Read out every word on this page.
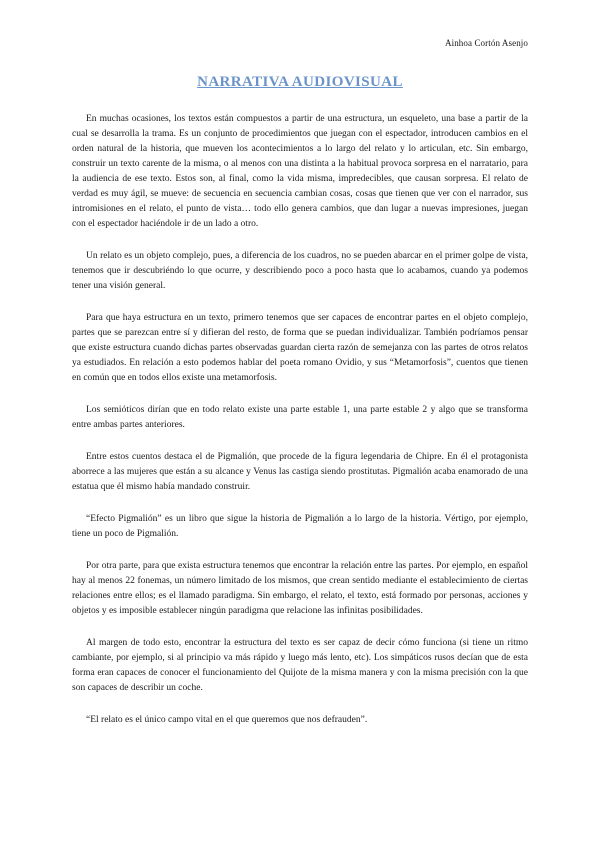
Ainhoa Cortón Asenjo
NARRATIVA AUDIOVISUAL

En muchas ocasiones, los textos están compuestos a partir de una estructura, un esqueleto, una base a partir de la cual se desarrolla la trama. Es un conjunto de procedimientos que juegan con el espectador, introducen cambios en el orden natural de la historia, que mueven los acontecimientos a lo largo del relato y lo articulan, etc. Sin embargo, construir un texto carente de la misma, o al menos con una distinta a la habitual provoca sorpresa en el narratario, para la audiencia de ese texto. Estos son, al final, como la vida misma, impredecibles, que causan sorpresa. El relato de verdad es muy ágil, se mueve: de secuencia en secuencia cambian cosas, cosas que tienen que ver con el narrador, sus intromisiones en el relato, el punto de vista… todo ello genera cambios, que dan lugar a nuevas impresiones, juegan con el espectador haciéndole ir de un lado a otro.

Un relato es un objeto complejo, pues, a diferencia de los cuadros, no se pueden abarcar en el primer golpe de vista, tenemos que ir descubriéndo lo que ocurre, y describiendo poco a poco hasta que lo acabamos, cuando ya podemos tener una visión general.

Para que haya estructura en un texto, primero tenemos que ser capaces de encontrar partes en el objeto complejo, partes que se parezcan entre sí y difieran del resto, de forma que se puedan individualizar. También podríamos pensar que existe estructura cuando dichas partes observadas guardan cierta razón de semejanza con las partes de otros relatos ya estudiados. En relación a esto podemos hablar del poeta romano Ovidio, y sus “Metamorfosis”, cuentos que tienen en común que en todos ellos existe una metamorfosis.

Los semióticos dirían que en todo relato existe una parte estable 1, una parte estable 2 y algo que se transforma entre ambas partes anteriores.

Entre estos cuentos destaca el de Pigmalión, que procede de la figura legendaria de Chipre. En él el protagonista aborrece a las mujeres que están a su alcance y Venus las castiga siendo prostitutas. Pigmalión acaba enamorado de una estatua que él mismo había mandado construir.

“Efecto Pigmalión” es un libro que sigue la historia de Pigmalión a lo largo de la historia. Vértigo, por ejemplo, tiene un poco de Pigmalión.

Por otra parte, para que exista estructura tenemos que encontrar la relación entre las partes. Por ejemplo, en español hay al menos 22 fonemas, un número limitado de los mismos, que crean sentido mediante el establecimiento de ciertas relaciones entre ellos; es el llamado paradigma. Sin embargo, el relato, el texto, está formado por personas, acciones y objetos y es imposible establecer ningún paradigma que relacione las infinitas posibilidades.

Al margen de todo esto, encontrar la estructura del texto es ser capaz de decir cómo funciona (si tiene un ritmo cambiante, por ejemplo, si al principio va más rápido y luego más lento, etc). Los simpáticos rusos decían que de esta forma eran capaces de conocer el funcionamiento del Quijote de la misma manera y con la misma precisión con la que son capaces de describir un coche.

“El relato es el único campo vital en el que queremos que nos defrauden”.
